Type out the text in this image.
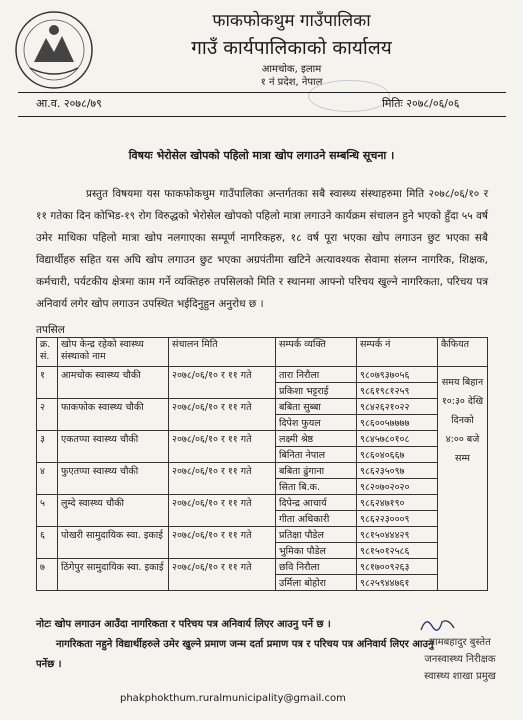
फाकफोकथुम गाउँपालिका
गाउँ कार्यपालिकाको कार्यालय
आमचोक, इलाम
१ नं प्रदेश, नेपाल
आ.व. २०७८/७९	मितिः २०७८/०६/०६
विषयः भेरोसेल खोपको पहिलो मात्रा खोप लगाउने सम्बन्धि सूचना ।
प्रस्तुत विषयमा यस फाकफोकथुम गाउँपालिका अन्तर्गतका सबै स्वास्थ्य संस्थाहरुमा मिति २०७८/०६/१० र ११ गतेका दिन कोभिड-१९ रोग विरुद्धको भेरोसेल खोपको पहिलो मात्रा लगाउने कार्यक्रम संचालन हुने भएको हुँदा ५५ वर्ष उमेर माथिका पहिलो मात्रा खोप नलगाएका सम्पूर्ण नागरिकहरु, १८ वर्ष पूरा भएका खोप लगाउन छुट भएका सबै विद्यार्थीहरु सहित यस अघि खोप लगाउन छुट भएका अग्रपंतीमा खटिने अत्यावश्यक सेवामा संलग्न नागरिक, शिक्षक, कर्मचारी, पर्यटकीय क्षेत्रमा काम गर्ने व्यक्तिहरु तपसिलको मिति र स्थानमा आफ्नो परिचय खुल्ने नागरिकता, परिचय पत्र अनिवार्य लगेर खोप लगाउन उपस्थित भईदिनुहुन अनुरोध छ ।
तपसिल
क्र. सं.	खोप केन्द्र रहेको स्वास्थ्य संस्थाको नाम	संचालन मिति	सम्पर्क व्यक्ति	सम्पर्क नं	कैफियत
१	आमचोक स्वास्थ्य चौकी	२०७८/०६/१० र ११ गते	तारा निरौला	९८०७९३७०५६	समय बिहान १०:३० देखि दिनको ४:०० बजे सम्म
			प्रकिशा भट्टराई	९८६१९८१२५९	
२	फाकफोक स्वास्थ्य चौकी	२०७८/०६/१० र ११ गते	बबिता सुब्बा	९८४२६२१०२२	
			दिपेश फुयल	९८६००५७७७७	
३	एकतप्पा स्वास्थ्य चौकी	२०७८/०६/१० र ११ गते	लक्ष्मी श्रेष्ठ	९८४५७८०१०८	
			बिनिता नेपाल	९८६०४०६६७	
४	फुएतप्पा स्वास्थ्य चौकी	२०७८/०६/१० र ११ गते	बबिता ढुंगाना	९८६२३५०९७	
			सिता बि.क.	९८२०७०२०२०	
५	लुम्दे स्वास्थ्य चौकी	२०७८/०६/१० र ११ गते	दिपेन्द्र आचार्य	९८६२४७१९०	
			गीता अधिकारी	९८६२२३०००९	
६	पोखरी सामुदायिक स्वा. इकाई	२०७८/०६/१० र ११ गते	प्रतिक्षा पौडेल	९८१५०४४४२९	
			भुमिका पौडेल	९८१५०१२५८६	
७	ठिंगेपुर सामुदायिक स्वा. इकाई	२०७८/०६/१० र ११ गते	छवि निरौला	९८१७००९२६३	
			उर्मिला बोहोरा	९८२५९४४७६१	
नोटः खोप लगाउन आउँदा नागरिकता र परिचय पत्र अनिवार्य लिएर आउनु पर्ने छ ।
नागरिकता नहुने विद्यार्थीहरुले उमेर खुल्ने प्रमाण जन्म दर्ता प्रमाण पत्र र परिचय पत्र अनिवार्य लिएर आउनु पर्नेछ ।
यामबहादुर बुस्तेत
जनस्वास्थ्य निरीक्षक
स्वास्थ्य शाखा प्रमुख
phakphokthum.ruralmunicipality@gmail.com
